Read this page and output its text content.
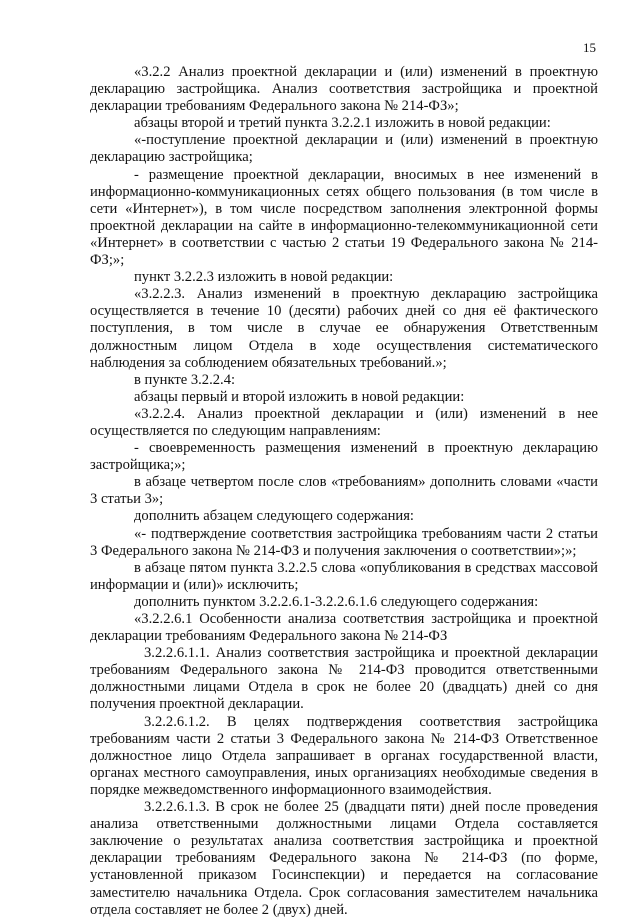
15

«3.2.2 Анализ проектной декларации и (или) изменений в проектную декларацию застройщика. Анализ соответствия застройщика и проектной декларации требованиям Федерального закона № 214-ФЗ»;

абзацы второй и третий пункта 3.2.2.1 изложить в новой редакции:

«-поступление проектной декларации и (или) изменений в проектную декларацию застройщика;

- размещение проектной декларации, вносимых в нее изменений в информационно-коммуникационных сетях общего пользования (в том числе в сети «Интернет»), в том числе посредством заполнения электронной формы проектной декларации на сайте в информационно-телекоммуникационной сети «Интернет» в соответствии с частью 2 статьи 19 Федерального закона № 214-ФЗ;»;

пункт 3.2.2.3 изложить в новой редакции:

«3.2.2.3. Анализ изменений в проектную декларацию застройщика осуществляется в течение 10 (десяти) рабочих дней со дня её фактического поступления, в том числе в случае ее обнаружения Ответственным должностным лицом Отдела в ходе осуществления систематического наблюдения за соблюдением обязательных требований.»;

в пункте 3.2.2.4:

абзацы первый и второй изложить в новой редакции:

«3.2.2.4. Анализ проектной декларации и (или) изменений в нее осуществляется по следующим направлениям:

- своевременность размещения изменений в проектную декларацию застройщика;»;

в абзаце четвертом после слов «требованиям» дополнить словами «части 3 статьи 3»;

дополнить абзацем следующего содержания:

«- подтверждение соответствия застройщика требованиям части 2 статьи 3 Федерального закона № 214-ФЗ и получения заключения о соответствии»;»;

в абзаце пятом пункта 3.2.2.5 слова «опубликования в средствах массовой информации и (или)» исключить;

дополнить пунктом 3.2.2.6.1-3.2.2.6.1.6 следующего содержания:

«3.2.2.6.1 Особенности анализа соответствия застройщика и проектной декларации требованиям Федерального закона № 214-ФЗ

3.2.2.6.1.1. Анализ соответствия застройщика и проектной декларации требованиям Федерального закона № 214-ФЗ проводится ответственными должностными лицами Отдела в срок не более 20 (двадцать) дней со дня получения проектной декларации.

3.2.2.6.1.2. В целях подтверждения соответствия застройщика требованиям части 2 статьи 3 Федерального закона № 214-ФЗ Ответственное должностное лицо Отдела запрашивает в органах государственной власти, органах местного самоуправления, иных организациях необходимые сведения в порядке межведомственного информационного взаимодействия.

3.2.2.6.1.3. В срок не более 25 (двадцати пяти) дней после проведения анализа ответственными должностными лицами Отдела составляется заключение о результатах анализа соответствия застройщика и проектной декларации требованиям Федерального закона № 214-ФЗ (по форме, установленной приказом Госинспекции) и передается на согласование заместителю начальника Отдела. Срок согласования заместителем начальника отдела составляет не более 2 (двух) дней.
